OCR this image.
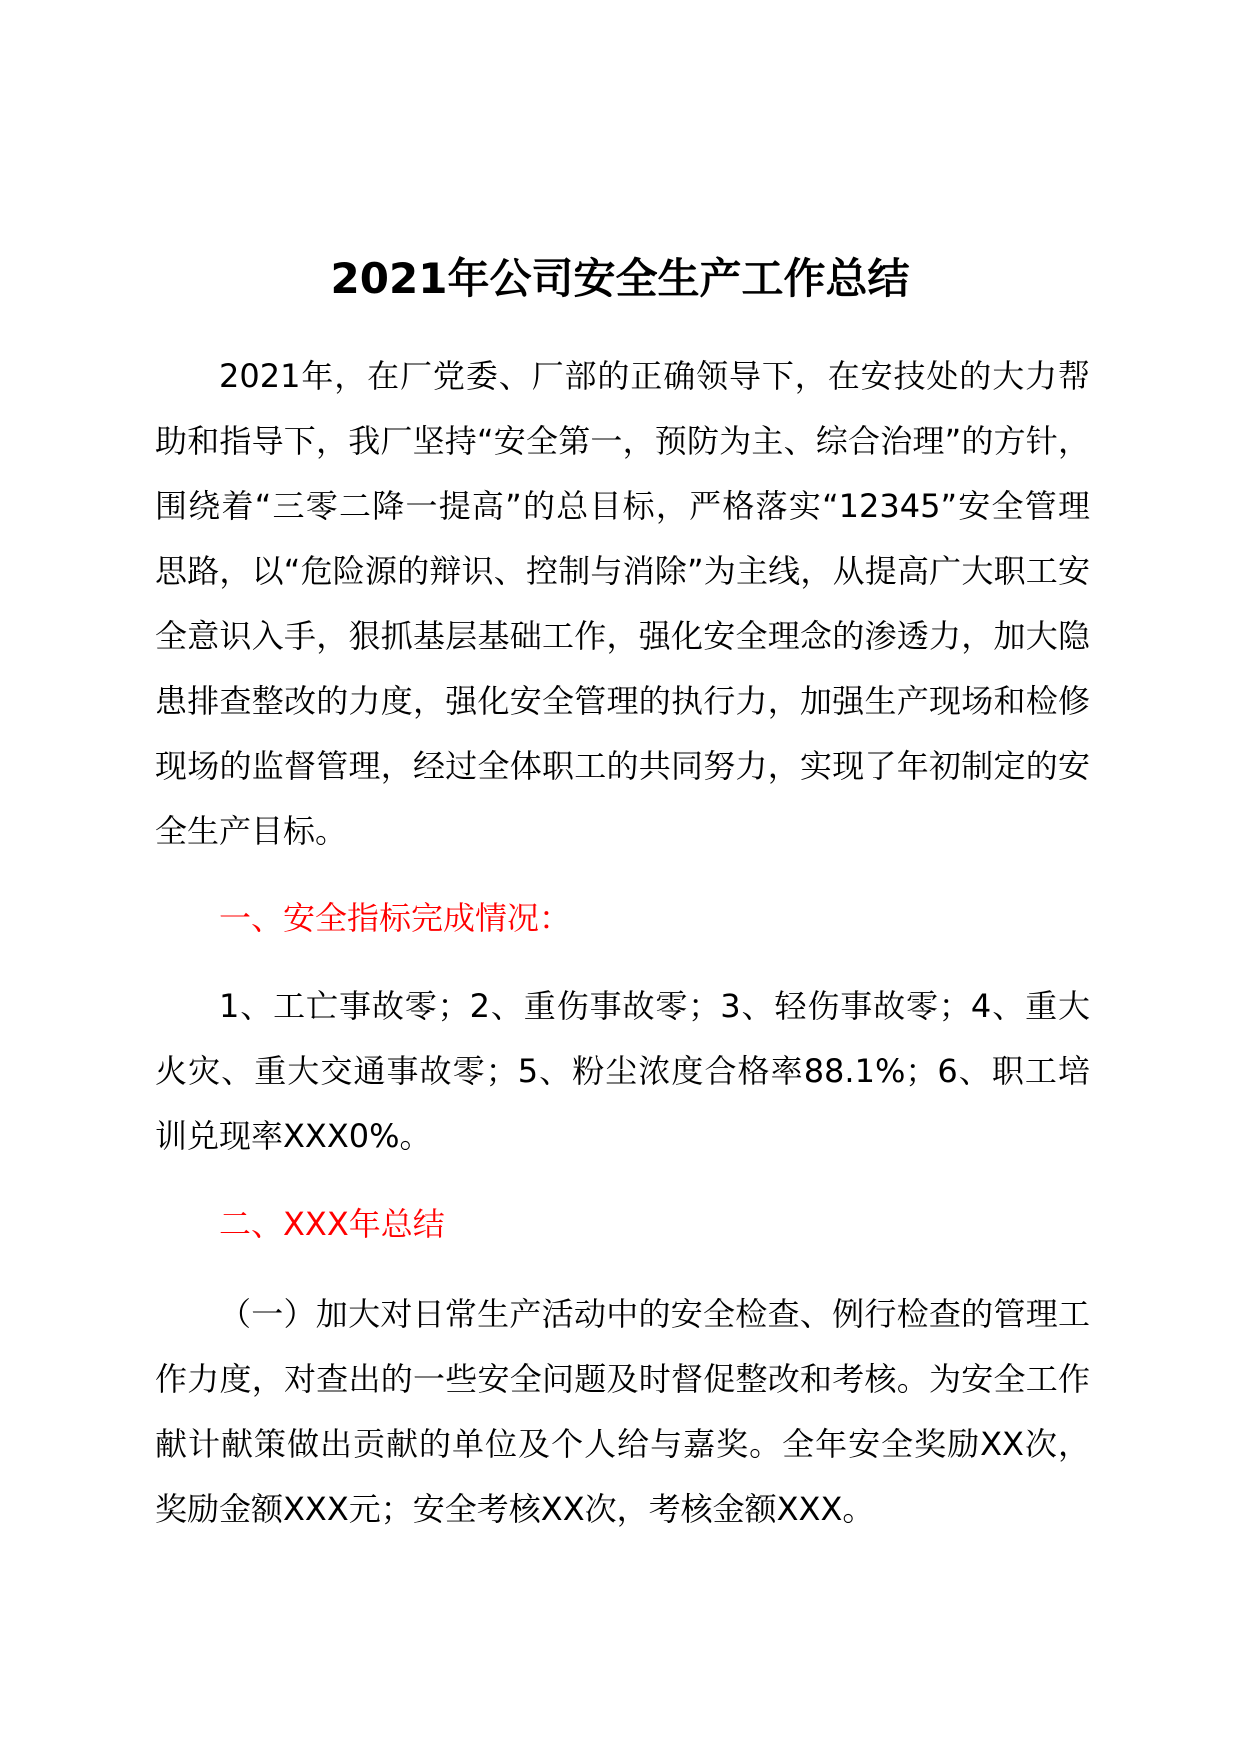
2021年公司安全生产工作总结

2021年，在厂党委、厂部的正确领导下，在安技处的大力帮助和指导下，我厂坚持“安全第一，预防为主、综合治理”的方针，围绕着“三零二降一提高”的总目标，严格落实“12345”安全管理思路，以“危险源的辩识、控制与消除”为主线，从提高广大职工安全意识入手，狠抓基层基础工作，强化安全理念的渗透力，加大隐患排查整改的力度，强化安全管理的执行力，加强生产现场和检修现场的监督管理，经过全体职工的共同努力，实现了年初制定的安全生产目标。

一、安全指标完成情况：

1、工亡事故零；2、重伤事故零；3、轻伤事故零；4、重大火灾、重大交通事故零；5、粉尘浓度合格率88.1%；6、职工培训兑现率XXX0%。

二、XXX年总结

（一）加大对日常生产活动中的安全检查、例行检查的管理工作力度，对查出的一些安全问题及时督促整改和考核。为安全工作献计献策做出贡献的单位及个人给与嘉奖。全年安全奖励XX次，奖励金额XXX元；安全考核XX次，考核金额XXX。
